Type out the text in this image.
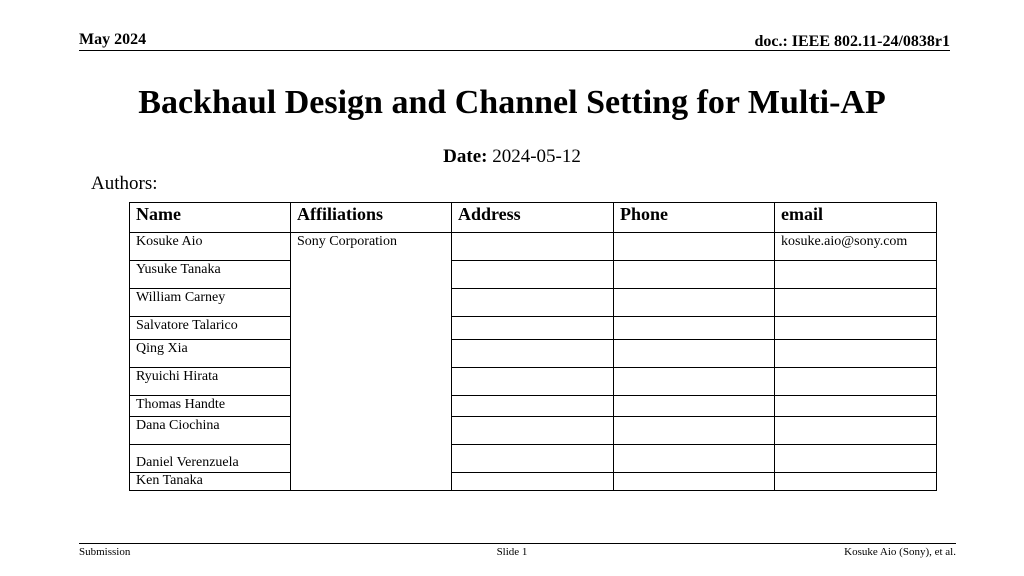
May 2024	doc.: IEEE 802.11-24/0838r1
Backhaul Design and Channel Setting for Multi-AP
Date: 2024-05-12
Authors:
Name	Affiliations	Address	Phone	email
Kosuke Aio	Sony Corporation			kosuke.aio@sony.com
Yusuke Tanaka				
William Carney				
Salvatore Talarico				
Qing Xia				
Ryuichi Hirata				
Thomas Handte				
Dana Ciochina				
Daniel Verenzuela				
Ken Tanaka				
Submission	Slide 1	Kosuke Aio (Sony), et al.
